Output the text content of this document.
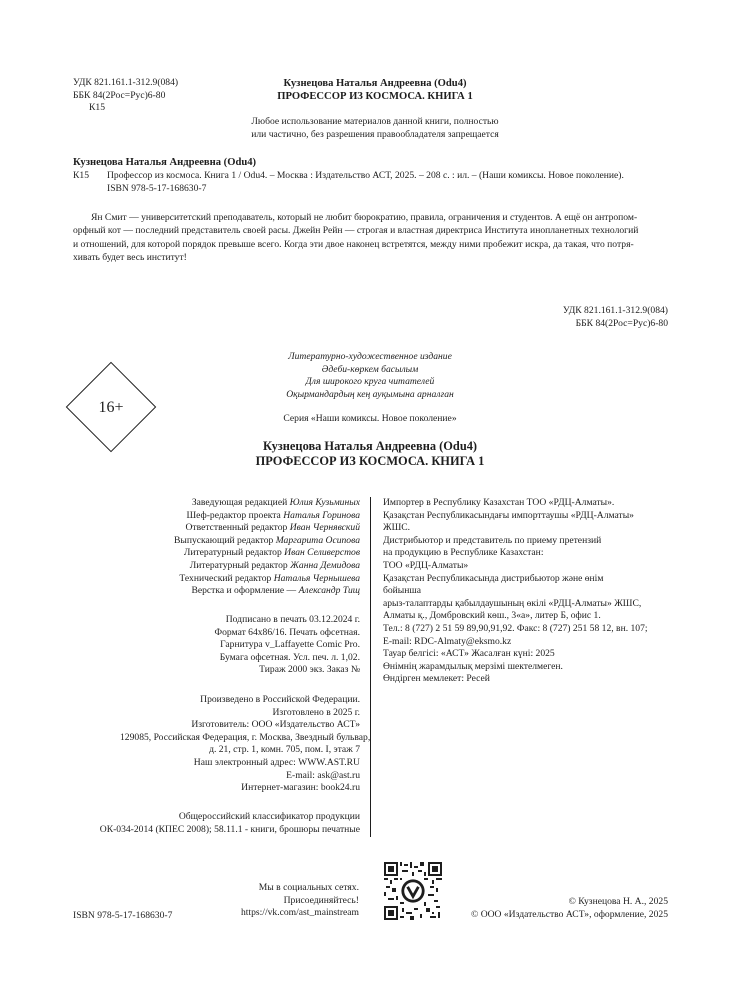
УДК 821.161.1-312.9(084)
ББК 84(2Рос=Рус)6-80
К15
Кузнецова Наталья Андреевна (Odu4)
ПРОФЕССОР ИЗ КОСМОСА. КНИГА 1
Любое использование материалов данной книги, полностью
или частично, без разрешения правообладателя запрещается
Кузнецова Наталья Андреевна (Odu4)
К15	Профессор из космоса. Книга 1 / Odu4. – Москва : Издательство АСТ, 2025. – 208 с. : ил. – (Наши комиксы. Новое поколение).
ISBN 978-5-17-168630-7
Ян Смит — университетский преподаватель, который не любит бюрократию, правила, ограничения и студентов. А ещё он антропом-
орфный кот — последний представитель своей расы. Джейн Рейн — строгая и властная директриса Института инопланетных технологий
и отношений, для которой порядок превыше всего. Когда эти двое наконец встретятся, между ними пробежит искра, да такая, что потря-
хивать будет весь институт!
УДК 821.161.1-312.9(084)
ББК 84(2Рос=Рус)6-80
Литературно-художественное издание
Әдеби-көркем басылым
Для широкого круга читателей
Оқырмандардың кең ауқымына арналған
16+
Серия «Наши комиксы. Новое поколение»
Кузнецова Наталья Андреевна (Odu4)
ПРОФЕССОР ИЗ КОСМОСА. КНИГА 1
Заведующая редакцией Юлия Кузьминых
Шеф-редактор проекта Наталья Горинова
Ответственный редактор Иван Чернявский
Выпускающий редактор Маргарита Осипова
Литературный редактор Иван Селиверстов
Литературный редактор Жанна Демидова
Технический редактор Наталья Чернышева
Верстка и оформление — Александр Тищ
Импортер в Республику Казахстан ТОО «РДЦ-Алматы».
Қазақстан Республикасындағы импорттаушы «РДЦ-Алматы»
ЖШС.
Дистрибьютор и представитель по приему претензий
на продукцию в Республике Казахстан:
ТОО «РДЦ-Алматы»
Қазақстан Республикасында дистрибьютор және өнім
бойынша
арыз-талаптарды қабылдаушының өкілі «РДЦ-Алматы» ЖШС,
Алматы қ., Домбровский көш., 3«а», литер Б, офис 1.
Тел.: 8 (727) 2 51 59 89,90,91,92. Факс: 8 (727) 251 58 12, вн. 107;
E-mail: RDC-Almaty@eksmo.kz
Тауар белгісі: «АСТ» Жасалған күні: 2025
Өнімнің жарамдылық мерзімі шектелмеген.
Өндірген мемлекет: Ресей
Подписано в печать 03.12.2024 г.
Формат 64х86/16. Печать офсетная.
Гарнитура v_Laffayette Comic Pro.
Бумага офсетная. Усл. печ. л. 1,02.
Тираж 2000 экз. Заказ №
Произведено в Российской Федерации.
Изготовлено в 2025 г.
Изготовитель: ООО «Издательство АСТ»
129085, Российская Федерация, г. Москва, Звездный бульвар,
д. 21, стр. 1, комн. 705, пом. I, этаж 7
Наш электронный адрес: WWW.AST.RU
E-mail: ask@ast.ru
Интернет-магазин: book24.ru
Общероссийский классификатор продукции
ОК-034-2014 (КПЕС 2008); 58.11.1 - книги, брошюры печатные
Мы в социальных сетях.
Присоединяйтесь!
https://vk.com/ast_mainstream
© Кузнецова Н. А., 2025
© ООО «Издательство АСТ», оформление, 2025
ISBN 978-5-17-168630-7
